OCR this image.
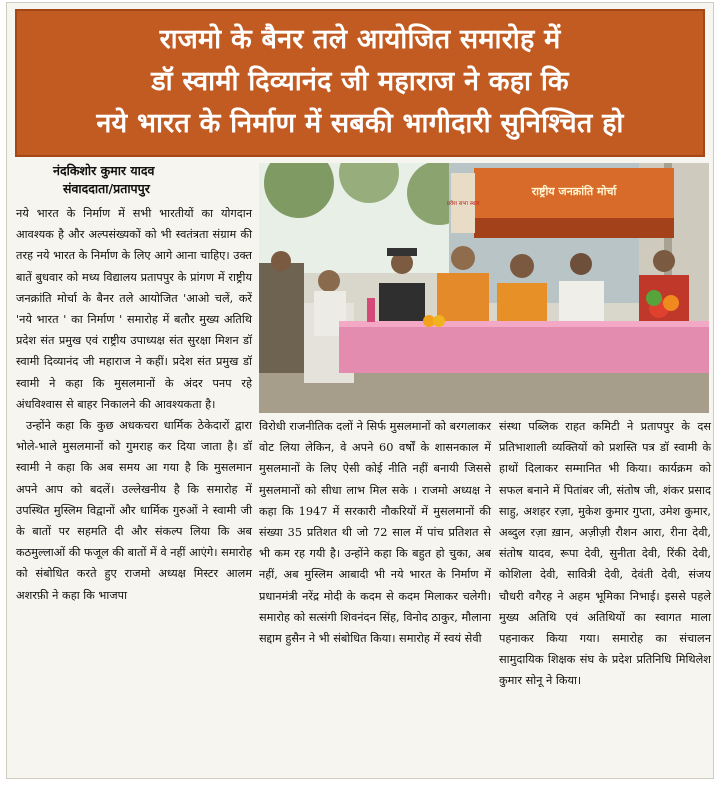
राजमो के बैनर तले आयोजित समारोह में
डॉ स्वामी दिव्यानंद जी महाराज ने कहा कि
नये भारत के निर्माण में सबकी भागीदारी सुनिश्चित हो
नंदकिशोर कुमार यादव
संवाददाता/प्रतापपुर	राष्ट्रीय जनक्रांति मोर्चा
प्रवेश सभा स्थल

नये भारत के निर्माण में सभी भारतीयों का योगदान आवश्यक है और अल्पसंख्यकों को भी स्वतंत्रता संग्राम की तरह नये भारत के निर्माण के लिए आगे आना चाहिए। उक्त बातें बुधवार को मध्य विद्यालय प्रतापपुर के प्रांगण में राष्ट्रीय जनक्रांति मोर्चा के बैनर तले आयोजित 'आओ चलें, करें 'नये भारत ' का निर्माण ' समारोह में बतौर मुख्य अतिथि प्रदेश संत प्रमुख एवं राष्ट्रीय उपाध्यक्ष संत सुरक्षा मिशन डॉ स्वामी दिव्यानंद जी महाराज ने कहीं। प्रदेश संत प्रमुख डॉ स्वामी ने कहा कि मुसलमानों के अंदर पनप रहे अंधविश्वास से बाहर निकालने की आवश्यकता है।

उन्होंने कहा कि कुछ अधकचरा धार्मिक ठेकेदारों द्वारा भोले-भाले मुसलमानों को गुमराह कर दिया जाता है। डॉ स्वामी ने कहा कि अब समय आ गया है कि मुसलमान अपने आप को बदलें। उल्लेखनीय है कि समारोह में उपस्थित मुस्लिम विद्वानों और धार्मिक गुरुओं ने स्वामी जी के बातों पर सहमति दी और संकल्प लिया कि अब कठमुल्लाओं की फजूल की बातों में वे नहीं आएंगे। समारोह को संबोधित करते हुए राजमो अध्यक्ष मिस्टर आलम अशरफ़ी ने कहा कि भाजपा

विरोधी राजनीतिक दलों ने सिर्फ मुसलमानों को बरगलाकर वोट लिया लेकिन, वे अपने 60 वर्षों के शासनकाल में मुसलमानों के लिए ऐसी कोई नीति नहीं बनायी जिससे मुसलमानों को सीधा लाभ मिल सके । राजमो अध्यक्ष ने कहा कि 1947 में सरकारी नौकरियों में मुसलमानों की संख्या 35 प्रतिशत थी जो 72 साल में पांच प्रतिशत से भी कम रह गयी है। उन्होंने कहा कि बहुत हो चुका, अब नहीं, अब मुस्लिम आबादी भी नये भारत के निर्माण में प्रधानमंत्री नरेंद्र मोदी के कदम से कदम मिलाकर चलेगी। समारोह को सत्संगी शिवनंदन सिंह, विनोद ठाकुर, मौलाना सद्दाम हुसैन ने भी संबोधित किया। समारोह में स्वयं सेवी

संस्था पब्लिक राहत कमिटी ने प्रतापपुर के दस प्रतिभाशाली व्यक्तियों को प्रशस्ति पत्र डॉ स्वामी के हाथों दिलाकर सम्मानित भी किया। कार्यक्रम को सफल बनाने में पितांबर जी, संतोष जी, शंकर प्रसाद साहु, अशहर रज़ा, मुकेश कुमार गुप्ता, उमेश कुमार, अब्दुल रज़ा ख़ान, अज़ीज़ी रौशन आरा, रीना देवी, संतोष यादव, रूपा देवी, सुनीता देवी, रिंकी देवी, कोशिला देवी, सावित्री देवी, देवंती देवी, संजय चौधरी वगैरह ने अहम भूमिका निभाई। इससे पहले मुख्य अतिथि एवं अतिथियों का स्वागत माला पहनाकर किया गया। समारोह का संचालन सामुदायिक शिक्षक संघ के प्रदेश प्रतिनिधि मिथिलेश कुमार सोनू ने किया।
